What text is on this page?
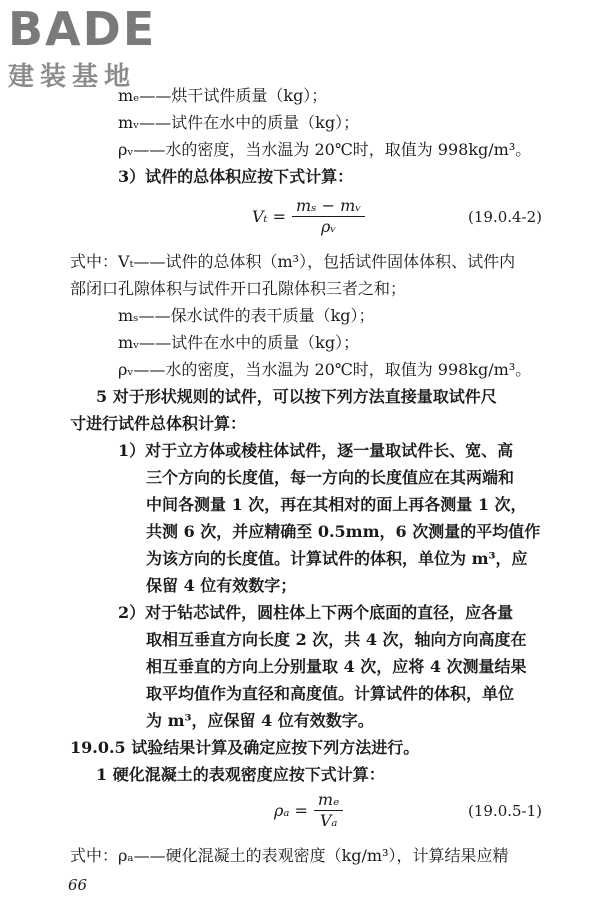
BADE
建装基地
mₑ——烘干试件质量（kg）；
mᵥ——试件在水中的质量（kg）；
ρᵥ——水的密度，当水温为 20℃时，取值为 998kg/m³。
3）试件的总体积应按下式计算：
$V_t = \frac{\text{mₛ − mᵥ}}{\text{ρᵥ}}$	(19.0.4-2)
式中：Vₜ——试件的总体积（m³），包括试件固体体积、试件内
部闭口孔隙体积与试件开口孔隙体积三者之和；
mₛ——保水试件的表干质量（kg）；
mᵥ——试件在水中的质量（kg）；
ρᵥ——水的密度，当水温为 20℃时，取值为 998kg/m³。
5 对于形状规则的试件，可以按下列方法直接量取试件尺
寸进行试件总体积计算：
1）对于立方体或棱柱体试件，逐一量取试件长、宽、高
三个方向的长度值，每一方向的长度值应在其两端和
中间各测量 1 次，再在其相对的面上再各测量 1 次，
共测 6 次，并应精确至 0.5mm，6 次测量的平均值作
为该方向的长度值。计算试件的体积，单位为 m³，应
保留 4 位有效数字；
2）对于钻芯试件，圆柱体上下两个底面的直径，应各量
取相互垂直方向长度 2 次，共 4 次，轴向方向高度在
相互垂直的方向上分别量取 4 次，应将 4 次测量结果
取平均值作为直径和高度值。计算试件的体积，单位
为 m³，应保留 4 位有效数字。
19.0.5 试验结果计算及确定应按下列方法进行。
1 硬化混凝土的表观密度应按下式计算：
$\rho_a = \frac{\text{mₑ}}{\text{Vₐ}}$	(19.0.5-1)
式中：ρₐ——硬化混凝土的表观密度（kg/m³），计算结果应精
66
